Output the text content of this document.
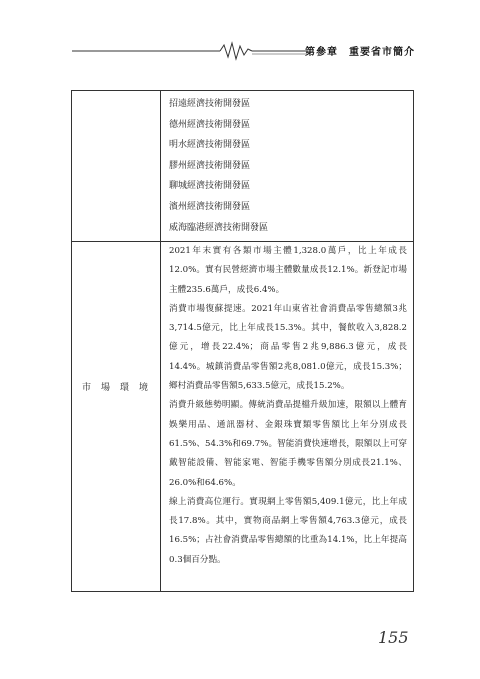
第參章　重要省市簡介
招遠經濟技術開發區
德州經濟技術開發區
明水經濟技術開發區
膠州經濟技術開發區
聊城經濟技術開發區
濱州經濟技術開發區
威海臨港經濟技術開發區
市場環境

2021年末實有各類市場主體1,328.0萬戶，比上年成長12.0%。實有民營經濟市場主體數量成長12.1%。新登記市場主體235.6萬戶，成長6.4%。

消費市場復蘇提速。2021年山東省社會消費品零售總額3兆3,714.5億元，比上年成長15.3%。其中，餐飲收入3,828.2億元，增長22.4%；商品零售2兆9,886.3億元，成長14.4%。城鎮消費品零售額2兆8,081.0億元，成長15.3%；鄉村消費品零售額5,633.5億元，成長15.2%。

消費升級態勢明顯。傳統消費品提檔升級加速，限額以上體育娛樂用品、通訊器材、金銀珠寶類零售額比上年分別成長61.5%、54.3%和69.7%。智能消費快速增長，限額以上可穿戴智能設備、智能家電、智能手機零售額分別成長21.1%、26.0%和64.6%。

線上消費高位運行。實現網上零售額5,409.1億元，比上年成長17.8%。其中，實物商品網上零售額4,763.3億元，成長16.5%；占社會消費品零售總額的比重為14.1%，比上年提高0.3個百分點。

155
